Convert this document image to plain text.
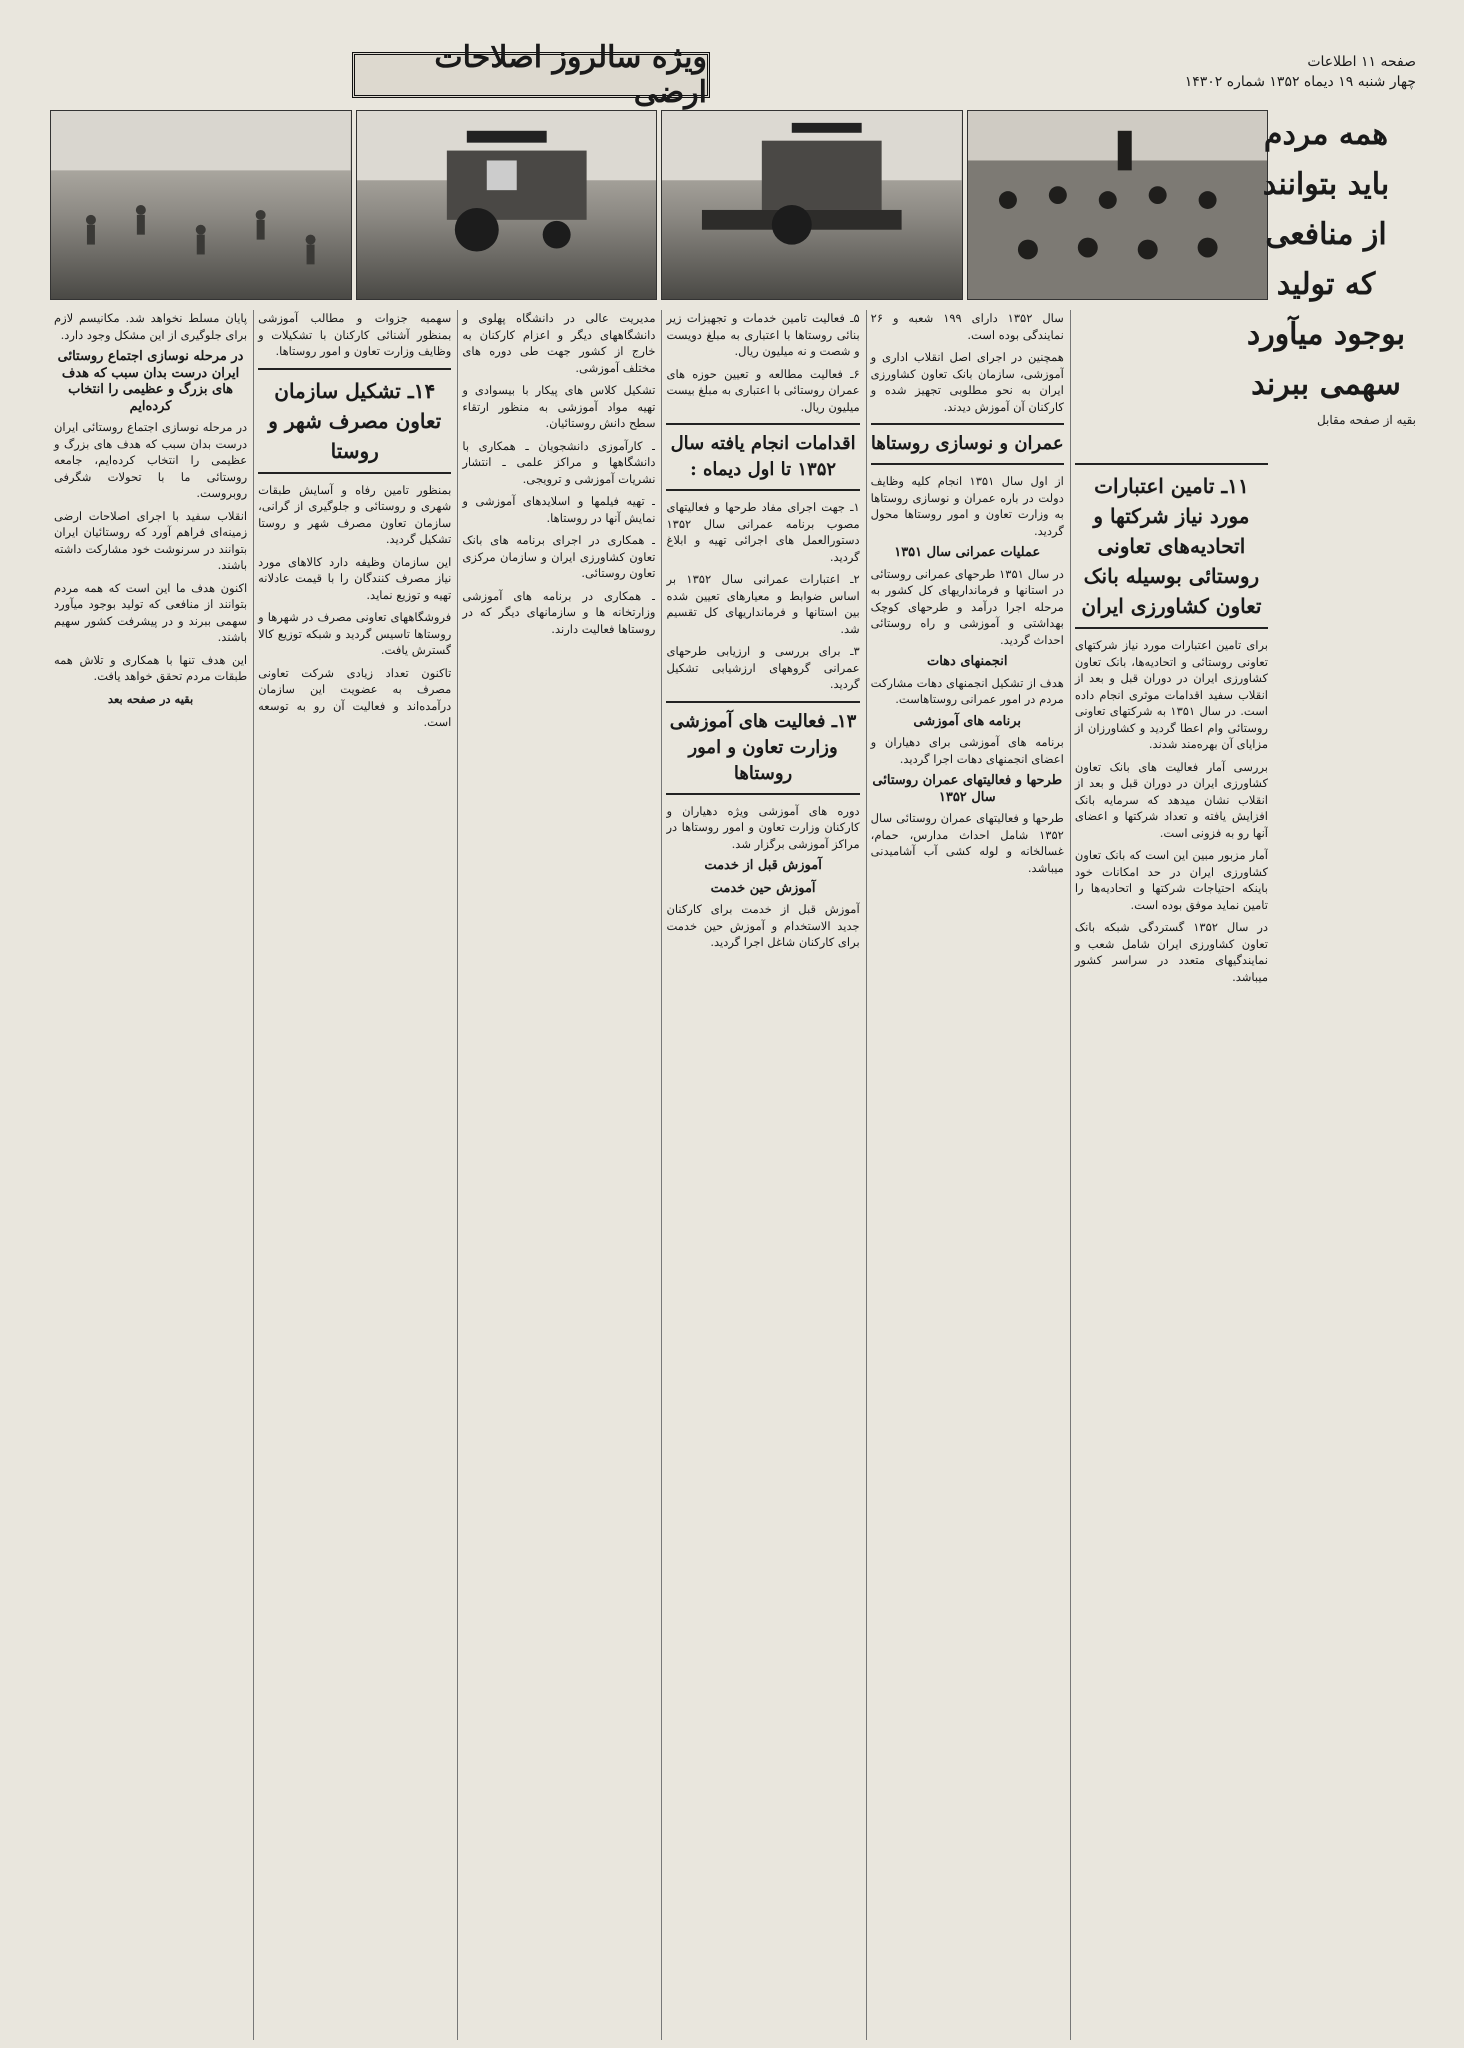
ویژه سالروز اصلاحات ارضی
صفحه ۱۱ اطلاعات
چهار شنبه ۱۹ دیماه ۱۳۵۲ شماره ۱۴۳۰۲
همه مردم
باید بتوانند
از منافعی
که تولید
بوجود میآورد
سهمی ببرند
بقیه از صفحه مقابل
۱۱ـ تامین اعتبارات مورد نیاز شرکتها و اتحادیه‌های تعاونی روستائی بوسیله بانک تعاون کشاورزی ایران

برای تامین اعتبارات مورد نیاز شرکتهای تعاونی روستائی و اتحادیه‌ها، بانک تعاون کشاورزی ایران در دوران قبل و بعد از انقلاب سفید اقدامات موثری انجام داده است. در سال ۱۳۵۱ به شرکتهای تعاونی روستائی وام اعطا گردید و کشاورزان از مزایای آن بهره‌مند شدند.

بررسی آمار فعالیت های بانک تعاون کشاورزی ایران در دوران قبل و بعد از انقلاب نشان میدهد که سرمایه بانک افزایش یافته و تعداد شرکتها و اعضای آنها رو به فزونی است.

آمار مزبور مبین این است که بانک تعاون کشاورزی ایران در حد امکانات خود باینکه احتیاجات شرکتها و اتحادیه‌ها را تامین نماید موفق بوده است.

در سال ۱۳۵۲ گستردگی شبکه بانک تعاون کشاورزی ایران شامل شعب و نمایندگیهای متعدد در سراسر کشور میباشد.

سال ۱۳۵۲ دارای ۱۹۹ شعبه و ۲۶ نمایندگی بوده است.

همچنین در اجرای اصل انقلاب اداری و آموزشی، سازمان بانک تعاون کشاورزی ایران به نحو مطلوبی تجهیز شده و کارکنان آن آموزش دیدند.

عمران و نوسازی روستاها

از اول سال ۱۳۵۱ انجام کلیه وظایف دولت در باره عمران و نوسازی روستاها به وزارت تعاون و امور روستاها محول گردید.

عملیات عمرانی سال ۱۳۵۱

در سال ۱۳۵۱ طرحهای عمرانی روستائی در استانها و فرمانداریهای کل کشور به مرحله اجرا درآمد و طرحهای کوچک بهداشتی و آموزشی و راه روستائی احداث گردید.

انجمنهای دهات

هدف از تشکیل انجمنهای دهات مشارکت مردم در امور عمرانی روستاهاست.

برنامه های آموزشی

برنامه های آموزشی برای دهیاران و اعضای انجمنهای دهات اجرا گردید.

طرحها و فعالیتهای عمران روستائی سال ۱۳۵۲

طرحها و فعالیتهای عمران روستائی سال ۱۳۵۲ شامل احداث مدارس، حمام، غسالخانه و لوله کشی آب آشامیدنی میباشد.

۵ـ فعالیت تامین خدمات و تجهیزات زیر بنائی روستاها با اعتباری به مبلغ دویست و شصت و نه میلیون ریال.

۶ـ فعالیت مطالعه و تعیین حوزه های عمران روستائی با اعتباری به مبلغ بیست میلیون ریال.

اقدامات انجام یافته سال ۱۳۵۲ تا اول دیماه :

۱ـ جهت اجرای مفاد طرحها و فعالیتهای مصوب برنامه عمرانی سال ۱۳۵۲ دستورالعمل های اجرائی تهیه و ابلاغ گردید.

۲ـ اعتبارات عمرانی سال ۱۳۵۲ بر اساس ضوابط و معیارهای تعیین شده بین استانها و فرمانداریهای کل تقسیم شد.

۳ـ برای بررسی و ارزیابی طرحهای عمرانی گروههای ارزشیابی تشکیل گردید.

۱۳ـ فعالیت های آموزشی وزارت تعاون و امور روستاها

دوره های آموزشی ویژه دهیاران و کارکنان وزارت تعاون و امور روستاها در مراکز آموزشی برگزار شد.

آموزش قبل از خدمت
آموزش حین خدمت

آموزش قبل از خدمت برای کارکنان جدید الاستخدام و آموزش حین خدمت برای کارکنان شاغل اجرا گردید.

مدیریت عالی در دانشگاه پهلوی و دانشگاههای دیگر و اعزام کارکنان به خارج از کشور جهت طی دوره های مختلف آموزشی.

تشکیل کلاس های پیکار با بیسوادی و تهیه مواد آموزشی به منظور ارتقاء سطح دانش روستائیان.

ـ کارآموزی دانشجویان ـ همکاری با دانشگاهها و مراکز علمی ـ انتشار نشریات آموزشی و ترویجی.

ـ تهیه فیلمها و اسلایدهای آموزشی و نمایش آنها در روستاها.

ـ همکاری در اجرای برنامه های بانک تعاون کشاورزی ایران و سازمان مرکزی تعاون روستائی.

ـ همکاری در برنامه های آموزشی وزارتخانه ها و سازمانهای دیگر که در روستاها فعالیت دارند.

سهمیه جزوات و مطالب آموزشی بمنظور آشنائی کارکنان با تشکیلات و وظایف وزارت تعاون و امور روستاها.

۱۴ـ تشکیل سازمان تعاون مصرف شهر و روستا

بمنظور تامین رفاه و آسایش طبقات شهری و روستائی و جلوگیری از گرانی، سازمان تعاون مصرف شهر و روستا تشکیل گردید.

این سازمان وظیفه دارد کالاهای مورد نیاز مصرف کنندگان را با قیمت عادلانه تهیه و توزیع نماید.

فروشگاههای تعاونی مصرف در شهرها و روستاها تاسیس گردید و شبکه توزیع کالا گسترش یافت.

تاکنون تعداد زیادی شرکت تعاونی مصرف به عضویت این سازمان درآمده‌اند و فعالیت آن رو به توسعه است.

پایان مسلط نخواهد شد. مکانیسم لازم برای جلوگیری از این مشکل وجود دارد.

در مرحله نوسازی اجتماع روستائی ایران درست بدان سبب که هدف های بزرگ و عظیمی را انتخاب کرده‌ایم

در مرحله نوسازی اجتماع روستائی ایران درست بدان سبب که هدف های بزرگ و عظیمی را انتخاب کرده‌ایم، جامعه روستائی ما با تحولات شگرفی روبروست.

انقلاب سفید با اجرای اصلاحات ارضی زمینه‌ای فراهم آورد که روستائیان ایران بتوانند در سرنوشت خود مشارکت داشته باشند.

اکنون هدف ما این است که همه مردم بتوانند از منافعی که تولید بوجود میآورد سهمی ببرند و در پیشرفت کشور سهیم باشند.

این هدف تنها با همکاری و تلاش همه طبقات مردم تحقق خواهد یافت.

بقیه در صفحه بعد
